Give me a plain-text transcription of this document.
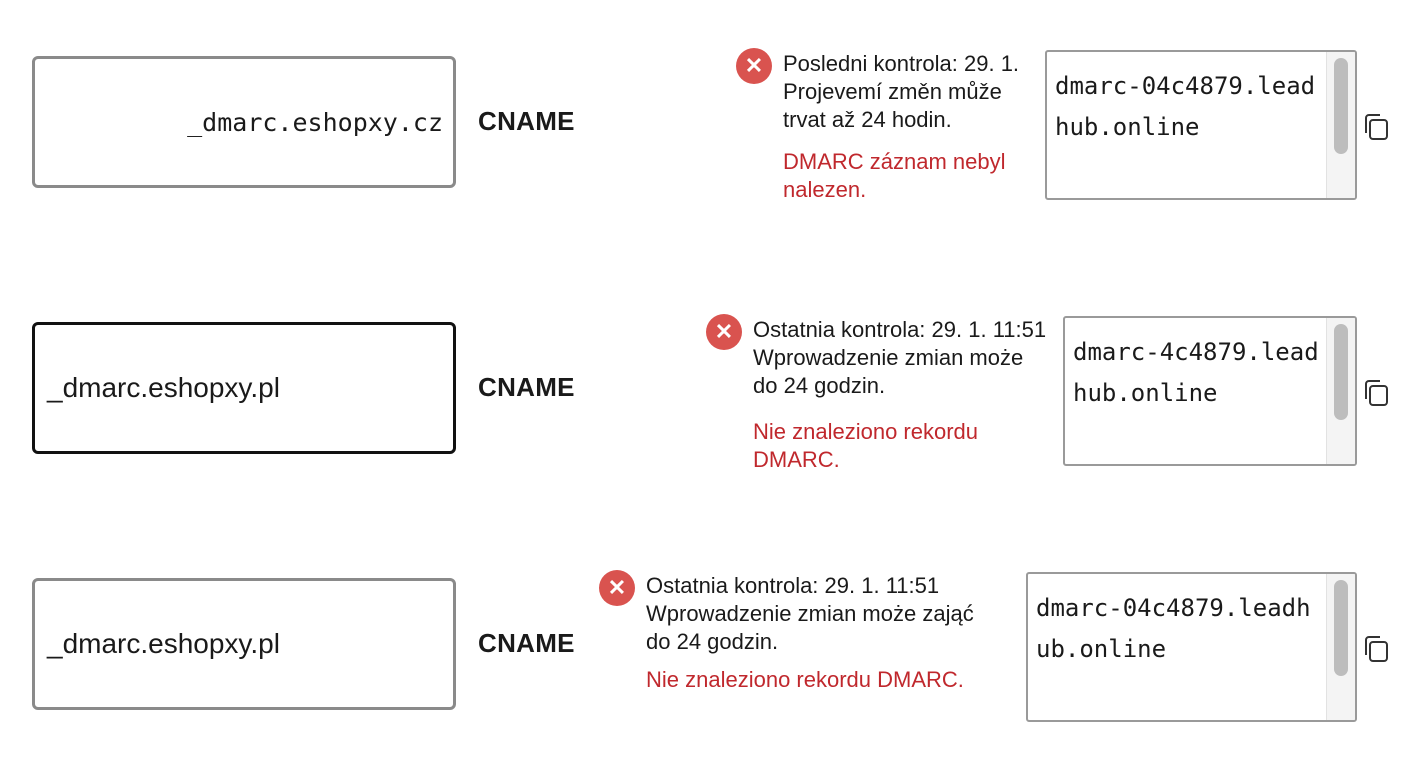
_dmarc.eshopxy.cz CNAME
✕ Posledni kontrola: 29. 1.
Projevemí změn může
trvat až 24 hodin.
DMARC záznam nebyl
nalezen.
dmarc-04c4879.leadhub.online
_dmarc.eshopxy.pl	CNAME
✕ Ostatnia kontrola: 29. 1. 11:51
Wprowadzenie zmian może
do 24 godzin.
Nie znaleziono rekordu
DMARC.
dmarc-4c4879.leadhub.online
_dmarc.eshopxy.pl	CNAME
✕ Ostatnia kontrola: 29. 1. 11:51
Wprowadzenie zmian może zająć
do 24 godzin.
Nie znaleziono rekordu DMARC.
dmarc-04c4879.leadhub.online
